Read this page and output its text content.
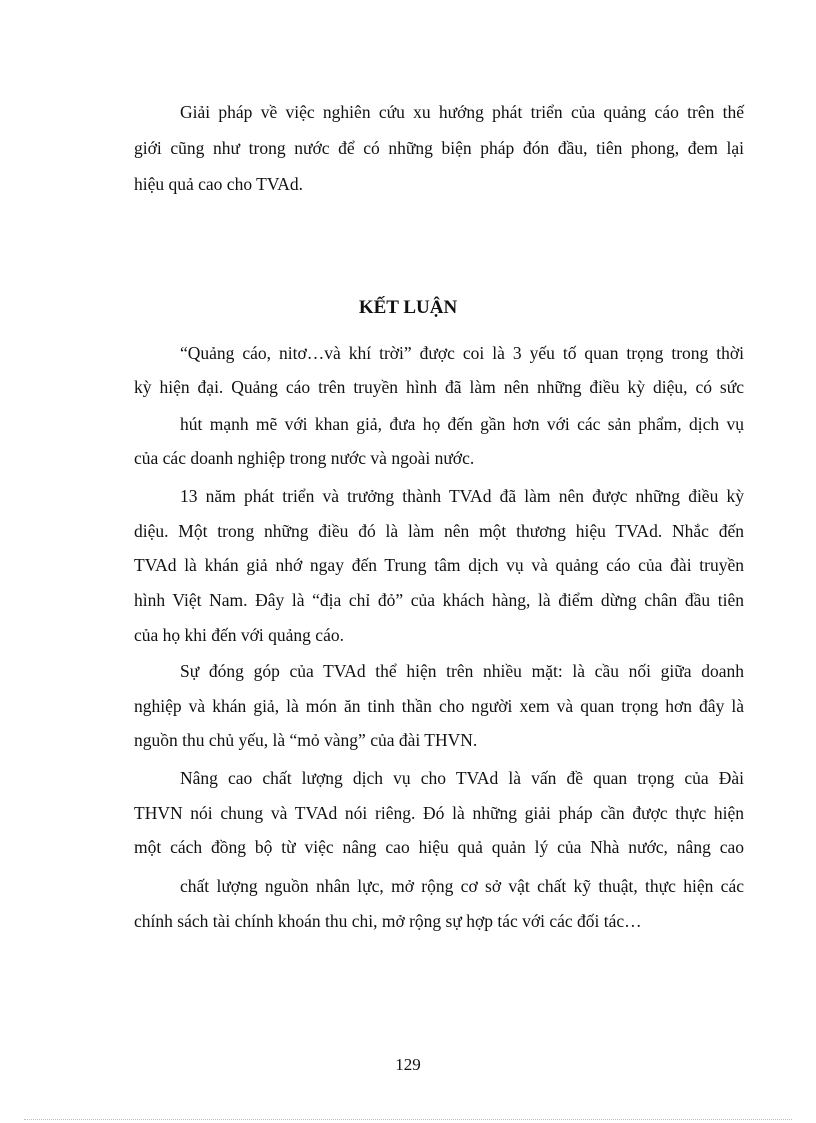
Giải pháp về việc nghiên cứu xu hướng phát triển của quảng cáo trên thế
giới cũng như trong nước để có những biện pháp đón đầu, tiên phong, đem lại
hiệu quả cao cho TVAd.
KẾT LUẬN
“Quảng cáo, nitơ…và khí trời” được coi là 3 yếu tố quan trọng trong thời
kỳ hiện đại. Quảng cáo trên truyền hình đã làm nên những điều kỳ diệu, có sức
hút mạnh mẽ với khan giả, đưa họ đến gần hơn với các sản phẩm, dịch vụ
của các doanh nghiệp trong nước và ngoài nước.
13 năm phát triển và trưởng thành TVAd đã làm nên được những điều kỳ
diệu. Một trong những điều đó là làm nên một thương hiệu TVAd. Nhắc đến
TVAd là khán giả nhớ ngay đến Trung tâm dịch vụ và quảng cáo của đài truyền
hình Việt Nam. Đây là “địa chỉ đỏ” của khách hàng, là điểm dừng chân đầu tiên
của họ khi đến với quảng cáo.
Sự đóng góp của TVAd thể hiện trên nhiều mặt: là cầu nối giữa doanh
nghiệp và khán giả, là món ăn tinh thần cho người xem và quan trọng hơn đây là
nguồn thu chủ yếu, là “mỏ vàng” của đài THVN.
Nâng cao chất lượng dịch vụ cho TVAd là vấn đề quan trọng của Đài
THVN nói chung và TVAd nói riêng. Đó là những giải pháp cần được thực hiện
một cách đồng bộ từ việc nâng cao hiệu quả quản lý của Nhà nước, nâng cao
chất lượng nguồn nhân lực, mở rộng cơ sở vật chất kỹ thuật, thực hiện các
chính sách tài chính khoán thu chi, mở rộng sự hợp tác với các đối tác…
129
